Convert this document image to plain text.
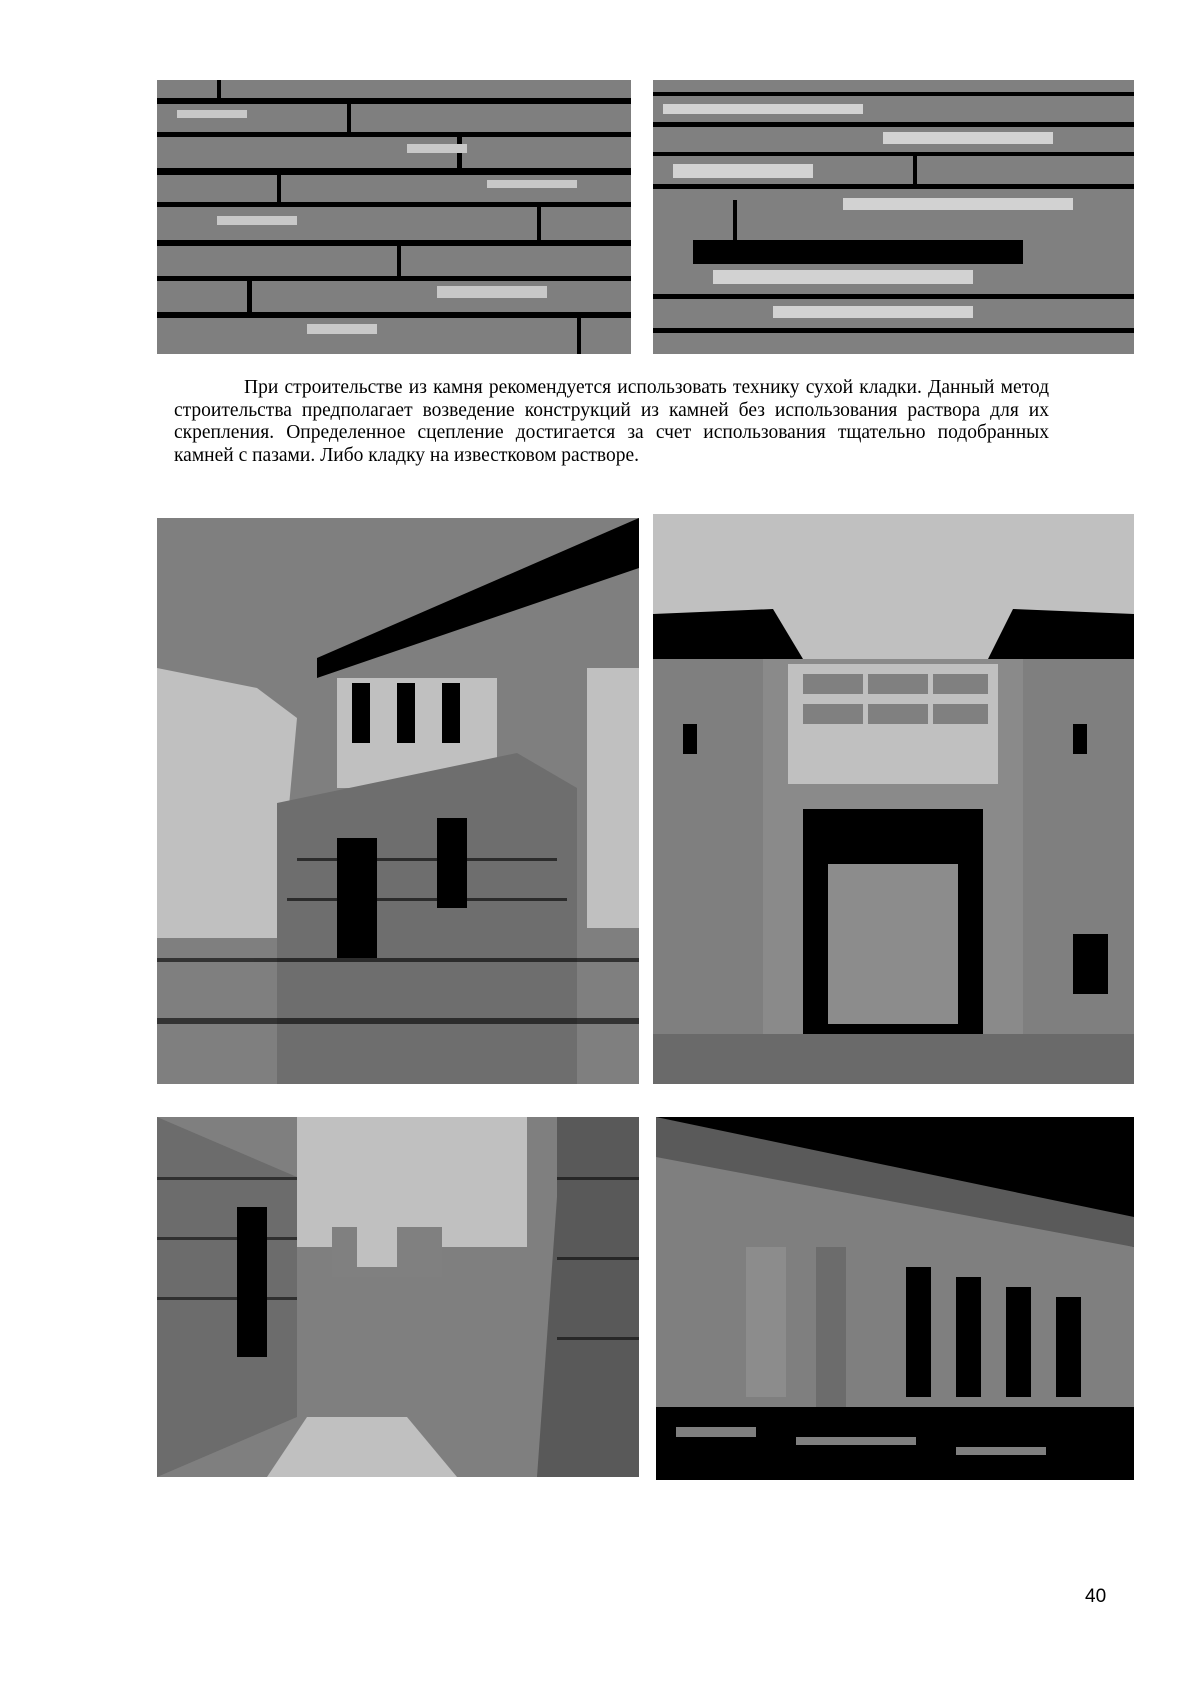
При строительстве из камня рекомендуется использовать технику сухой кладки. Данный метод строительства предполагает возведение конструкций из камней без использования раствора для их скрепления. Определенное сцепление достигается за счет использования тщательно подобранных камней с пазами. Либо кладку на известковом растворе.

40
